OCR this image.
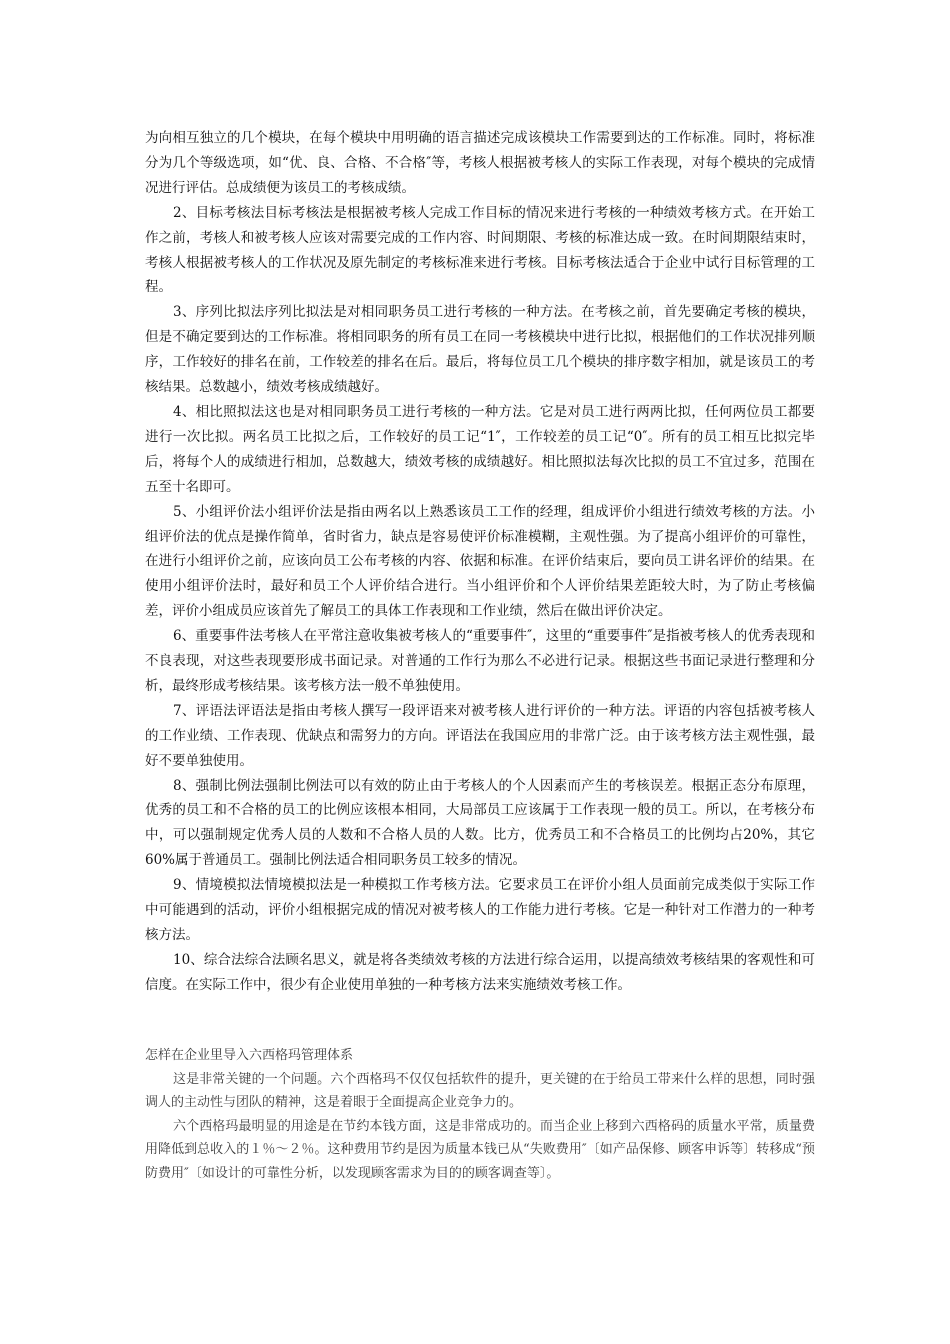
为向相互独立的几个模块，在每个模块中用明确的语言描述完成该模块工作需要到达的工作标准。同时，将标准分为几个等级选项，如“优、良、合格、不合格″等，考核人根据被考核人的实际工作表现，对每个模块的完成情况进行评估。总成绩便为该员工的考核成绩。

2、目标考核法目标考核法是根据被考核人完成工作目标的情况来进行考核的一种绩效考核方式。在开始工作之前，考核人和被考核人应该对需要完成的工作内容、时间期限、考核的标准达成一致。在时间期限结束时，考核人根据被考核人的工作状况及原先制定的考核标准来进行考核。目标考核法适合于企业中试行目标管理的工程。

3、序列比拟法序列比拟法是对相同职务员工进行考核的一种方法。在考核之前，首先要确定考核的模块，但是不确定要到达的工作标准。将相同职务的所有员工在同一考核模块中进行比拟，根据他们的工作状况排列顺序，工作较好的排名在前，工作较差的排名在后。最后，将每位员工几个模块的排序数字相加，就是该员工的考核结果。总数越小，绩效考核成绩越好。

4、相比照拟法这也是对相同职务员工进行考核的一种方法。它是对员工进行两两比拟，任何两位员工都要进行一次比拟。两名员工比拟之后，工作较好的员工记“1″，工作较差的员工记“0″。所有的员工相互比拟完毕后，将每个人的成绩进行相加，总数越大，绩效考核的成绩越好。相比照拟法每次比拟的员工不宜过多，范围在五至十名即可。

5、小组评价法小组评价法是指由两名以上熟悉该员工工作的经理，组成评价小组进行绩效考核的方法。小组评价法的优点是操作简单，省时省力，缺点是容易使评价标准模糊，主观性强。为了提高小组评价的可靠性，在进行小组评价之前，应该向员工公布考核的内容、依据和标准。在评价结束后，要向员工讲名评价的结果。在使用小组评价法时，最好和员工个人评价结合进行。当小组评价和个人评价结果差距较大时，为了防止考核偏差，评价小组成员应该首先了解员工的具体工作表现和工作业绩，然后在做出评价决定。

6、重要事件法考核人在平常注意收集被考核人的“重要事件″，这里的“重要事件″是指被考核人的优秀表现和不良表现，对这些表现要形成书面记录。对普通的工作行为那么不必进行记录。根据这些书面记录进行整理和分析，最终形成考核结果。该考核方法一般不单独使用。

7、评语法评语法是指由考核人撰写一段评语来对被考核人进行评价的一种方法。评语的内容包括被考核人的工作业绩、工作表现、优缺点和需努力的方向。评语法在我国应用的非常广泛。由于该考核方法主观性强，最好不要单独使用。

8、强制比例法强制比例法可以有效的防止由于考核人的个人因素而产生的考核误差。根据正态分布原理，优秀的员工和不合格的员工的比例应该根本相同，大局部员工应该属于工作表现一般的员工。所以，在考核分布中，可以强制规定优秀人员的人数和不合格人员的人数。比方，优秀员工和不合格员工的比例均占20%，其它60%属于普通员工。强制比例法适合相同职务员工较多的情况。

9、情境模拟法情境模拟法是一种模拟工作考核方法。它要求员工在评价小组人员面前完成类似于实际工作中可能遇到的活动，评价小组根据完成的情况对被考核人的工作能力进行考核。它是一种针对工作潜力的一种考核方法。

10、综合法综合法顾名思义，就是将各类绩效考核的方法进行综合运用，以提高绩效考核结果的客观性和可信度。在实际工作中，很少有企业使用单独的一种考核方法来实施绩效考核工作。

怎样在企业里导入六西格玛管理体系

这是非常关键的一个问题。六个西格玛不仅仅包括软件的提升，更关键的在于给员工带来什么样的思想，同时强调人的主动性与团队的精神，这是着眼于全面提高企业竞争力的。

六个西格玛最明显的用途是在节约本钱方面，这是非常成功的。而当企业上移到六西格码的质量水平常，质量费用降低到总收入的１％～２％。这种费用节约是因为质量本钱已从“失败费用″〔如产品保修、顾客申诉等〕转移成“预防费用″〔如设计的可靠性分析，以发现顾客需求为目的的顾客调查等〕。
